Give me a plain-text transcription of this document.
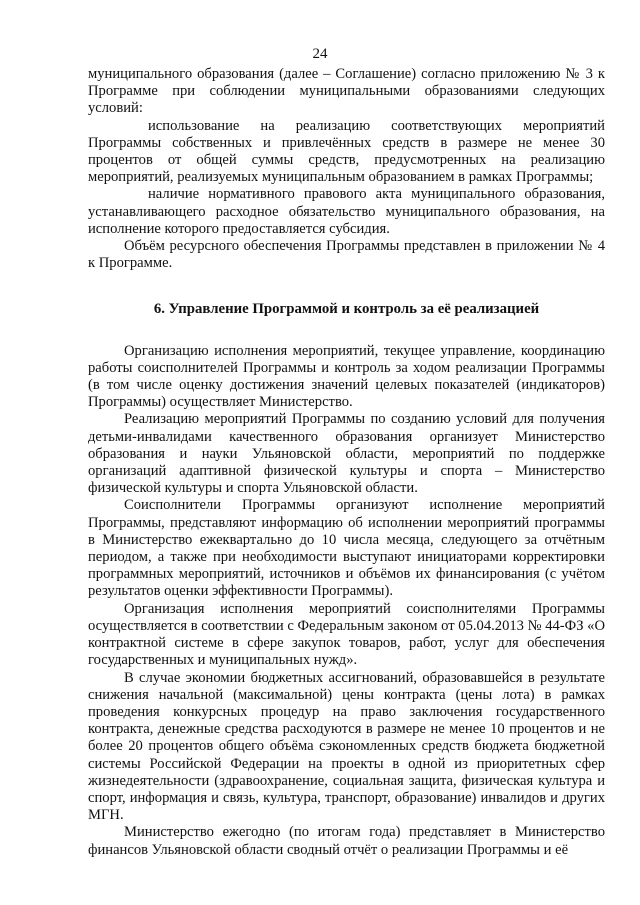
24

муниципального образования (далее – Соглашение) согласно приложению № 3 к Программе при соблюдении муниципальными образованиями следующих условий:

использование на реализацию соответствующих мероприятий Программы собственных и привлечённых средств в размере не менее 30 процентов от общей суммы средств, предусмотренных на реализацию мероприятий, реализуемых муниципальным образованием в рамках Программы;

наличие нормативного правового акта муниципального образования, устанавливающего расходное обязательство муниципального образования, на исполнение которого предоставляется субсидия.

Объём ресурсного обеспечения Программы представлен в приложении № 4 к Программе.

6. Управление Программой и контроль за её реализацией

Организацию исполнения мероприятий, текущее управление, координацию работы соисполнителей Программы и контроль за ходом реализации Программы (в том числе оценку достижения значений целевых показателей (индикаторов) Программы) осуществляет Министерство.

Реализацию мероприятий Программы по созданию условий для получения детьми-инвалидами качественного образования организует Министерство образования и науки Ульяновской области, мероприятий по поддержке организаций адаптивной физической культуры и спорта – Министерство физической культуры и спорта Ульяновской области.

Соисполнители Программы организуют исполнение мероприятий Программы, представляют информацию об исполнении мероприятий программы в Министерство ежеквартально до 10 числа месяца, следующего за отчётным периодом, а также при необходимости выступают инициаторами корректировки программных мероприятий, источников и объёмов их финансирования (с учётом результатов оценки эффективности Программы).

Организация исполнения мероприятий соисполнителями Программы осуществляется в соответствии с Федеральным законом от 05.04.2013 № 44-ФЗ «О контрактной системе в сфере закупок товаров, работ, услуг для обеспечения государственных и муниципальных нужд».

В случае экономии бюджетных ассигнований, образовавшейся в результате снижения начальной (максимальной) цены контракта (цены лота) в рамках проведения конкурсных процедур на право заключения государственного контракта, денежные средства расходуются в размере не менее 10 процентов и не более 20 процентов общего объёма сэкономленных средств бюджета бюджетной системы Российской Федерации на проекты в одной из приоритетных сфер жизнедеятельности (здравоохранение, социальная защита, физическая культура и спорт, информация и связь, культура, транспорт, образование) инвалидов и других МГН.

Министерство ежегодно (по итогам года) представляет в Министерство финансов Ульяновской области сводный отчёт о реализации Программы и её
